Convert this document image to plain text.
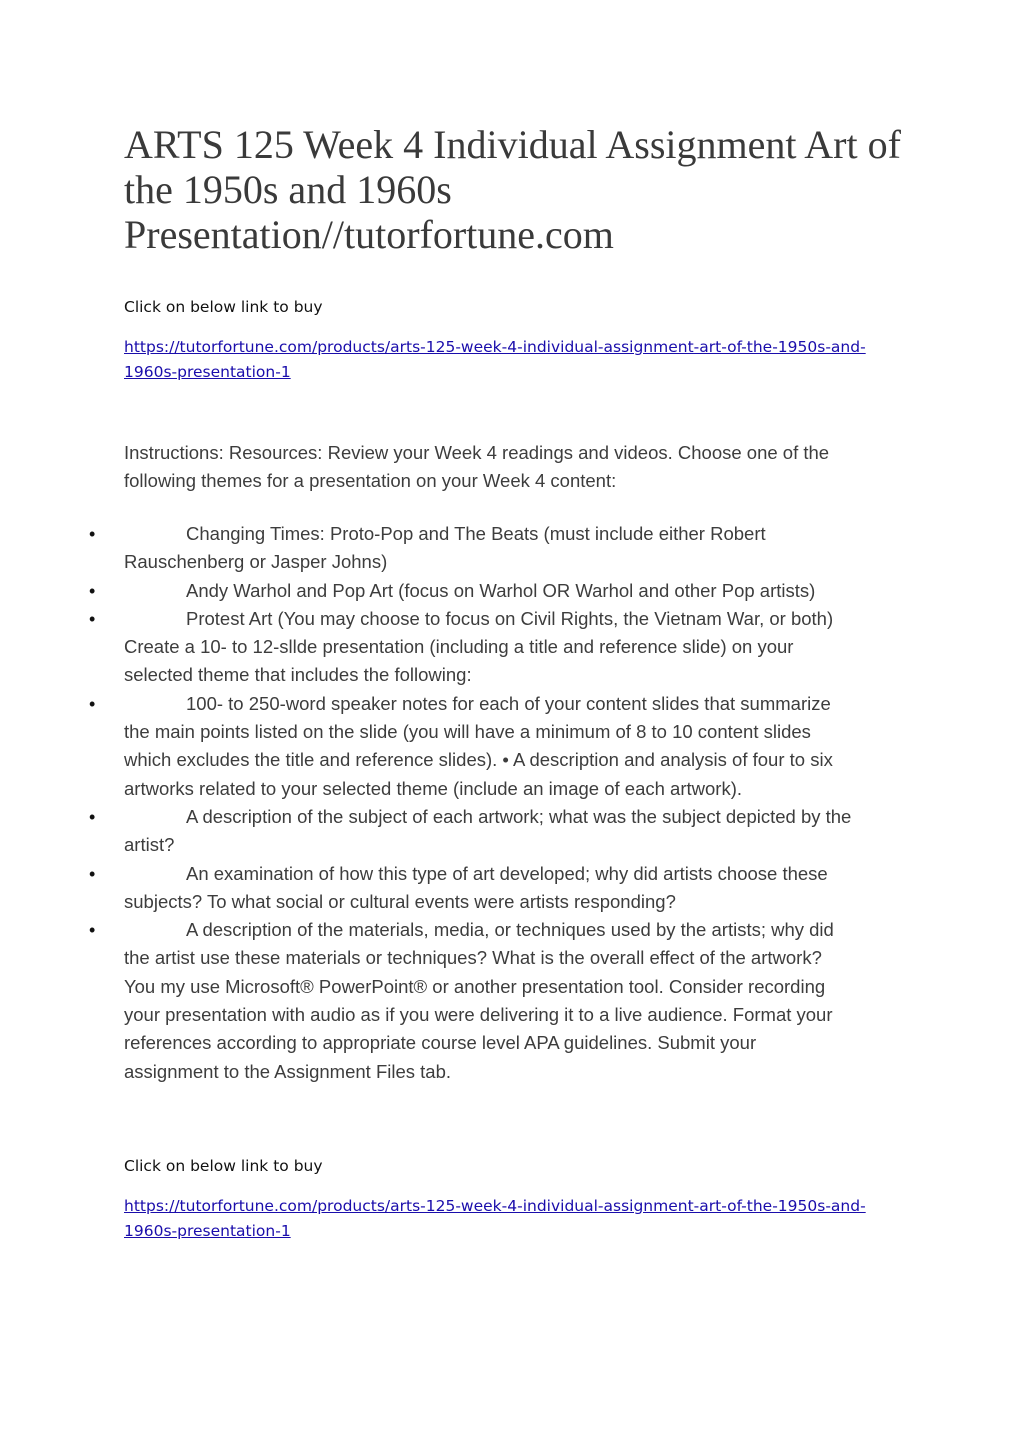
ARTS 125 Week 4 Individual Assignment Art of
the 1950s and 1960s
Presentation//tutorfortune.com
Click on below link to buy
https://tutorfortune.com/products/arts-125-week-4-individual-assignment-art-of-the-1950s-and-
1960s-presentation-1
Instructions: Resources: Review your Week 4 readings and videos. Choose one of the
following themes for a presentation on your Week 4 content:
•	Changing Times: Proto-Pop and The Beats (must include either Robert
Rauschenberg or Jasper Johns)
•	Andy Warhol and Pop Art (focus on Warhol OR Warhol and other Pop artists)
•	Protest Art (You may choose to focus on Civil Rights, the Vietnam War, or both)
Create a 10- to 12-sllde presentation (including a title and reference slide) on your
selected theme that includes the following:
•	100- to 250-word speaker notes for each of your content slides that summarize
the main points listed on the slide (you will have a minimum of 8 to 10 content slides
which excludes the title and reference slides). • A description and analysis of four to six
artworks related to your selected theme (include an image of each artwork).
•	A description of the subject of each artwork; what was the subject depicted by the
artist?
•	An examination of how this type of art developed; why did artists choose these
subjects? To what social or cultural events were artists responding?
•	A description of the materials, media, or techniques used by the artists; why did
the artist use these materials or techniques? What is the overall effect of the artwork?
You my use Microsoft® PowerPoint® or another presentation tool. Consider recording
your presentation with audio as if you were delivering it to a live audience. Format your
references according to appropriate course level APA guidelines. Submit your
assignment to the Assignment Files tab.
Click on below link to buy
https://tutorfortune.com/products/arts-125-week-4-individual-assignment-art-of-the-1950s-and-
1960s-presentation-1
